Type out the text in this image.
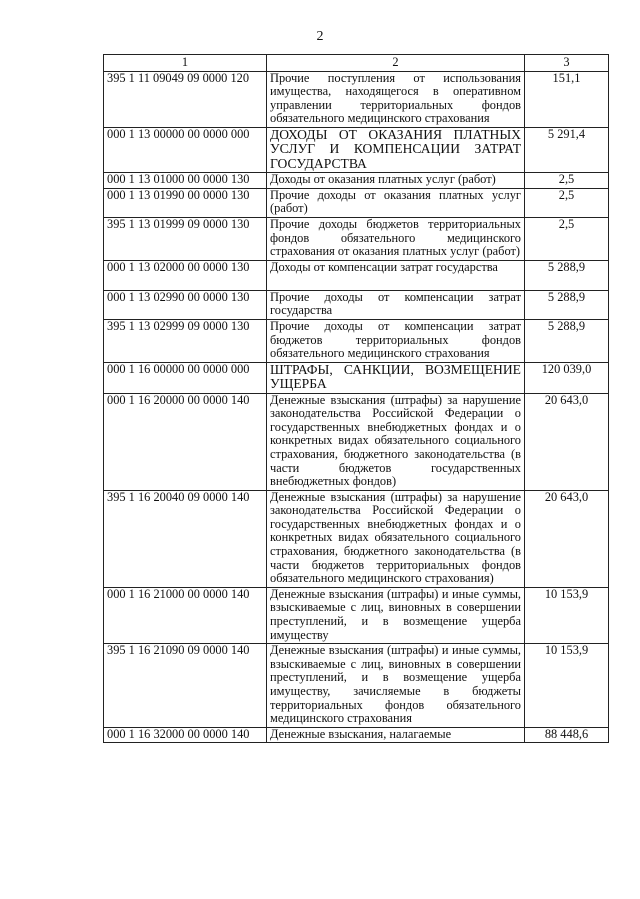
2
1	2	3
395 1 11 09049 09 0000 120	Прочие поступления от использования имущества, находящегося в оперативном управлении территориальных фондов обязательного медицинского страхования	151,1
000 1 13 00000 00 0000 000	ДОХОДЫ ОТ ОКАЗАНИЯ ПЛАТНЫХ УСЛУГ И КОМПЕНСАЦИИ ЗАТРАТ ГОСУДАРСТВА	5 291,4
000 1 13 01000 00 0000 130	Доходы от оказания платных услуг (работ)	2,5
000 1 13 01990 00 0000 130	Прочие доходы от оказания платных услуг (работ)	2,5
395 1 13 01999 09 0000 130	Прочие доходы бюджетов территориальных фондов обязательного медицинского страхования от оказания платных услуг (работ)	2,5
000 1 13 02000 00 0000 130	Доходы от компенсации затрат государства	5 288,9
000 1 13 02990 00 0000 130	Прочие доходы от компенсации затрат государства	5 288,9
395 1 13 02999 09 0000 130	Прочие доходы от компенсации затрат бюджетов территориальных фондов обязательного медицинского страхования	5 288,9
000 1 16 00000 00 0000 000	ШТРАФЫ, САНКЦИИ, ВОЗМЕЩЕНИЕ УЩЕРБА	120 039,0
000 1 16 20000 00 0000 140	Денежные взыскания (штрафы) за нарушение законодательства Российской Федерации о государственных внебюджетных фондах и о конкретных видах обязательного социального страхования, бюджетного законодательства (в части бюджетов государственных внебюджетных фондов)	20 643,0
395 1 16 20040 09 0000 140	Денежные взыскания (штрафы) за нарушение законодательства Российской Федерации о государственных внебюджетных фондах и о конкретных видах обязательного социального страхования, бюджетного законодательства (в части бюджетов территориальных фондов обязательного медицинского страхования)	20 643,0
000 1 16 21000 00 0000 140	Денежные взыскания (штрафы) и иные суммы, взыскиваемые с лиц, виновных в совершении преступлений, и в возмещение ущерба имуществу	10 153,9
395 1 16 21090 09 0000 140	Денежные взыскания (штрафы) и иные суммы, взыскиваемые с лиц, виновных в совершении преступлений, и в возмещение ущерба имуществу, зачисляемые в бюджеты территориальных фондов обязательного медицинского страхования	10 153,9
000 1 16 32000 00 0000 140	Денежные взыскания, налагаемые	88 448,6
